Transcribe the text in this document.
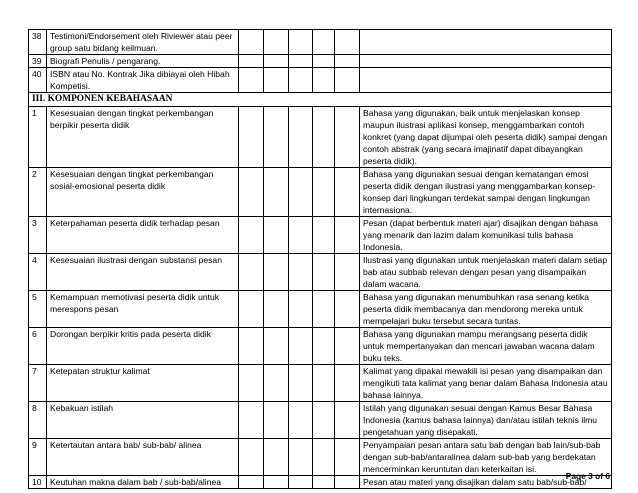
38	Testimoni/Endorsement oleh Riviewer atau peer group satu bidang keilmuan.						
39	Biografi Penulis / pengarang.						
40	ISBN atau No. Kontrak Jika dibiayai oleh Hibah Kompetisi.						
III. KOMPONEN KEBAHASAAN							
1	Kesesuaian dengan tingkat perkembangan berpikir peserta didik						Bahasa yang digunakan, baik untuk menjelaskan konsep maupun ilustrasi aplikasi konsep, menggambarkan contoh konkret (yang dapat dijumpai oleh peserta didik) sampai dengan contoh abstrak (yang secara imajinatif dapat dibayangkan peserta didik).
2	Kesesuaian dengan tingkat perkembangan sosial-emosional peserta didik						Bahasa yang digunakan sesuai dengan kematangan emosi peserta didik dengan ilustrasi yang menggambarkan konsep-konsep dari lingkungan terdekat sampai dengan lingkungan internasiona.
3	Keterpahaman peserta didik terhadap pesan						Pesan (dapat berbentuk materi ajar) disajikan dengan bahasa yang menarik dan lazim dalam komunikasi tulis bahasa Indonesia.
4	Kesesuaian ilustrasi dengan substansi pesan						Ilustrasi yang digunakan untuk menjelaskan materi dalam setiap bab atau subbab relevan dengan pesan yang disampaikan dalam wacana.
5	Kemampuan memotivasi peserta didik untuk merespons pesan						Bahasa yang digunakan menumbuhkan rasa senang ketika peserta didik membacanya dan mendorong mereka untuk mempelajari buku tersebut secara tuntas.
6	Dorongan berpikir kritis pada peserta didik						Bahasa yang digunakan mampu merangsang peserta didik untuk mempertanyakan dan mencari jawaban wacana dalam buku teks.
7	Ketepatan struktur kalimat						Kalimat yang dipakai mewakili isi pesan yang disampaikan dan mengikuti tata kalimat yang benar dalam Bahasa Indonesia atau bahasa lainnya.
8	Kebakuan istilah						Istilah yang digunakan sesuai dengan Kamus Besar Bahasa Indonesia (kamus bahasa lainnya) dan/atau istilah teknis ilmu pengetahuan yang disepakati.
9	Ketertautan antara bab/ sub-bab/ alinea						Penyampaian pesan antara satu bab dengan bab lain/sub-bab dengan sub-bab/antaralinea dalam sub-bab yang berdekatan mencerminkan keruntutan dan keterkaitan isi.
10	Keutuhan makna dalam bab / sub-bab/alinea						Pesan atau materi yang disajikan dalam satu bab/sub-bab/
Page 3 of 6
